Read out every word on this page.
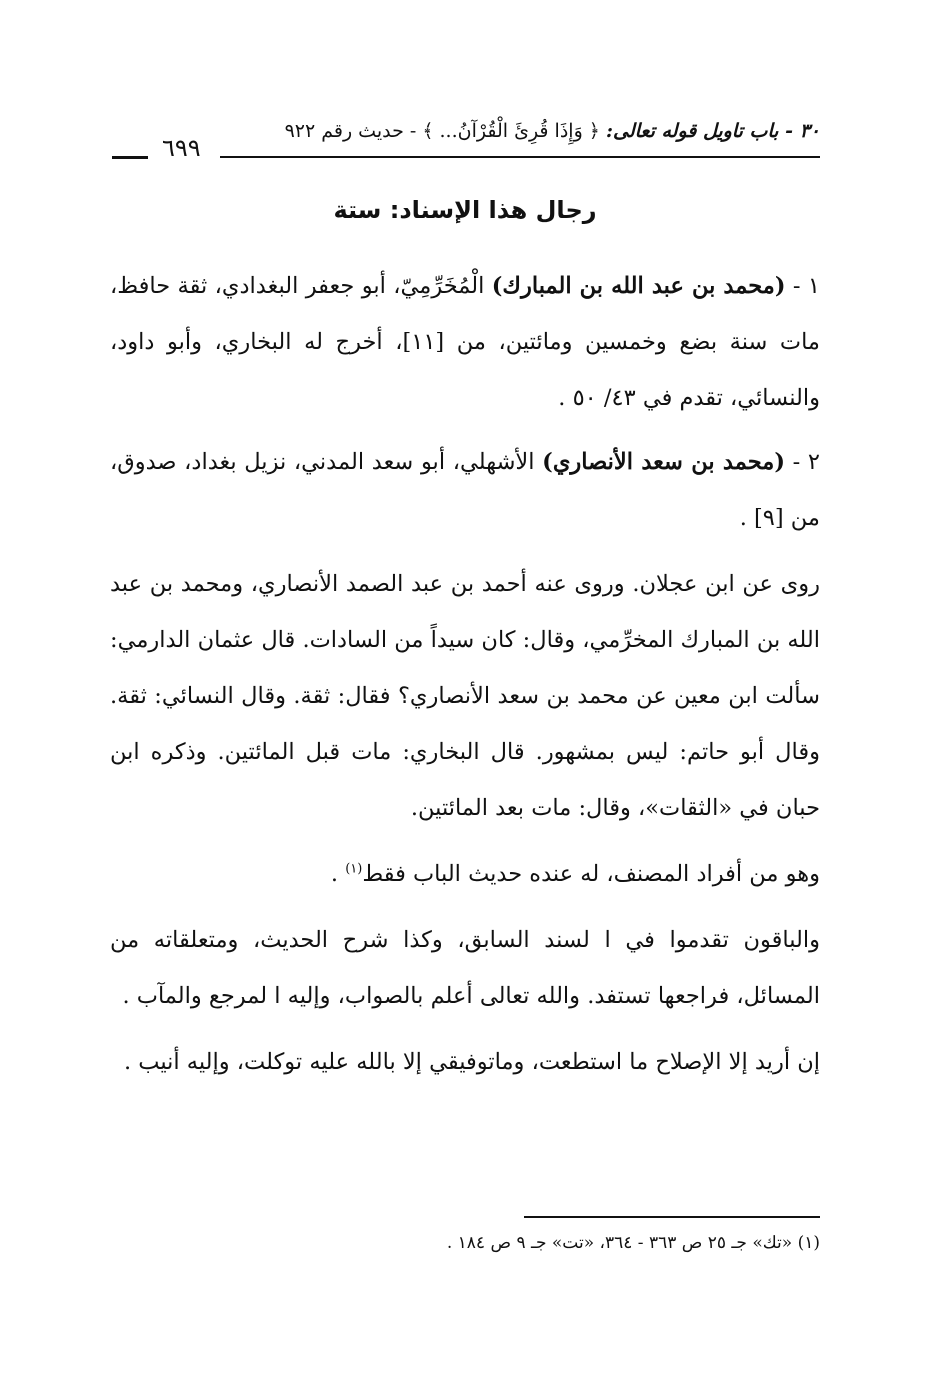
٣٠ - باب تاويل قوله تعالى: ﴿ وَإِذَا قُرِئَ الْقُرْآنُ... ﴾ - حديث رقم ٩٢٢
٦٩٩
رجال هذا الإسناد: ستة

١ - (محمد بن عبد الله بن المبارك) الْمُخَرِّمِيّ، أبو جعفر البغدادي، ثقة حافظ، مات سنة بضع وخمسين ومائتين، من [١١]، أخرج له البخاري، وأبو داود، والنسائي، تقدم في ٤٣/ ٥٠ .

٢ - (محمد بن سعد الأنصاري) الأشهلي، أبو سعد المدني، نزيل بغداد، صدوق، من [٩] .

روى عن ابن عجلان. وروى عنه أحمد بن عبد الصمد الأنصاري، ومحمد بن عبد الله بن المبارك المخرِّمي، وقال: كان سيداً من السادات. قال عثمان الدارمي: سألت ابن معين عن محمد بن سعد الأنصاري؟ فقال: ثقة. وقال النسائي: ثقة. وقال أبو حاتم: ليس بمشهور. قال البخاري: مات قبل المائتين. وذكره ابن حبان في «الثقات»، وقال: مات بعد المائتين.

وهو من أفراد المصنف، له عنده حديث الباب فقط$^{(١)}$ .

والباقون تقدموا في ا لسند السابق، وكذا شرح الحديث، ومتعلقاته من المسائل، فراجعها تستفد. والله تعالى أعلم بالصواب، وإليه ا لمرجع والمآب .

إن أريد إلا الإصلاح ما استطعت، وماتوفيقي إلا بالله عليه توكلت، وإليه أنيب .

(١) «تك» جـ ٢٥ ص ٣٦٣ - ٣٦٤، «تت» جـ ٩ ص ١٨٤ .
